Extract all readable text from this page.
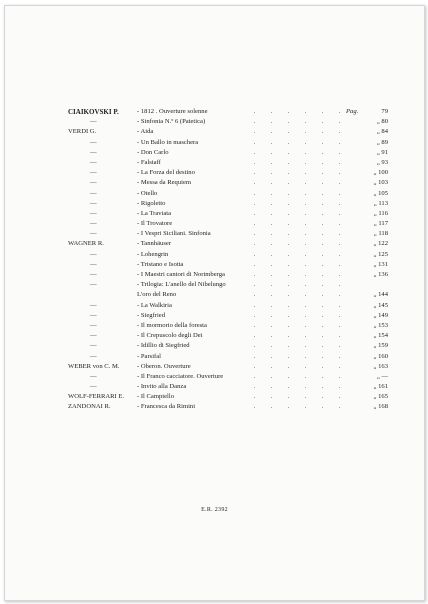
CIAIKOVSKI P.	- 1812 . Ouverture solenne	. . . . . . Pag.	79
—	- Sinfonia N.º 6 (Patetica)	. . . . . .	„ 80
VERDI G.	- Aida	. . . . . .	„ 84
—	- Un Ballo in maschera	. . . . . .	„ 89
—	- Don Carlo	. . . . . .	„ 91
—	- Falstaff	. . . . . .	„ 93
—	- La Forza del destino	. . . . . .	„ 100
—	- Messa da Requiem	. . . . . .	„ 103
—	- Otello	. . . . . .	„ 105
—	- Rigoletto	. . . . . .	„ 113
—	- La Traviata	. . . . . .	„ 116
—	- Il Trovatore	. . . . . .	„ 117
—	- I Vespri Siciliani. Sinfonia	. . . . . .	„ 118
WAGNER R.	- Tannhäuser	. . . . . .	„ 122
—	- Lohengrin	. . . . . .	„ 125
—	- Tristano e Isotta	. . . . . .	„ 131
—	- I Maestri cantori di Norimberga	. . . . . .	„ 136
—	- Trilogia: L'anello del Nibelungo	. . . . . .
L'oro del Reno	. . . . . .	„ 144
—	- La Walkiria	. . . . . .	„ 145
—	- Siegfried	. . . . . .	„ 149
—	- Il mormorio della foresta	. . . . . .	„ 153
—	- Il Crepuscolo degli Dei	. . . . . .	„ 154
—	- Idillio di Siegfried	. . . . . .	„ 159
—	- Parsifal	. . . . . .	„ 160
WEBER von C. M.	- Oberon. Ouverture	. . . . . .	„ 163
—	- Il Franco cacciatore. Ouverture	. . . . . .	„ —
—	- Invito alla Danza	. . . . . .	„ 161
WOLF-FERRARI E. - Il Campiello	. . . . . .	„ 165
ZANDONAI R.	- Francesca da Rimini	. . . . . .	„ 168
E.R. 2392
